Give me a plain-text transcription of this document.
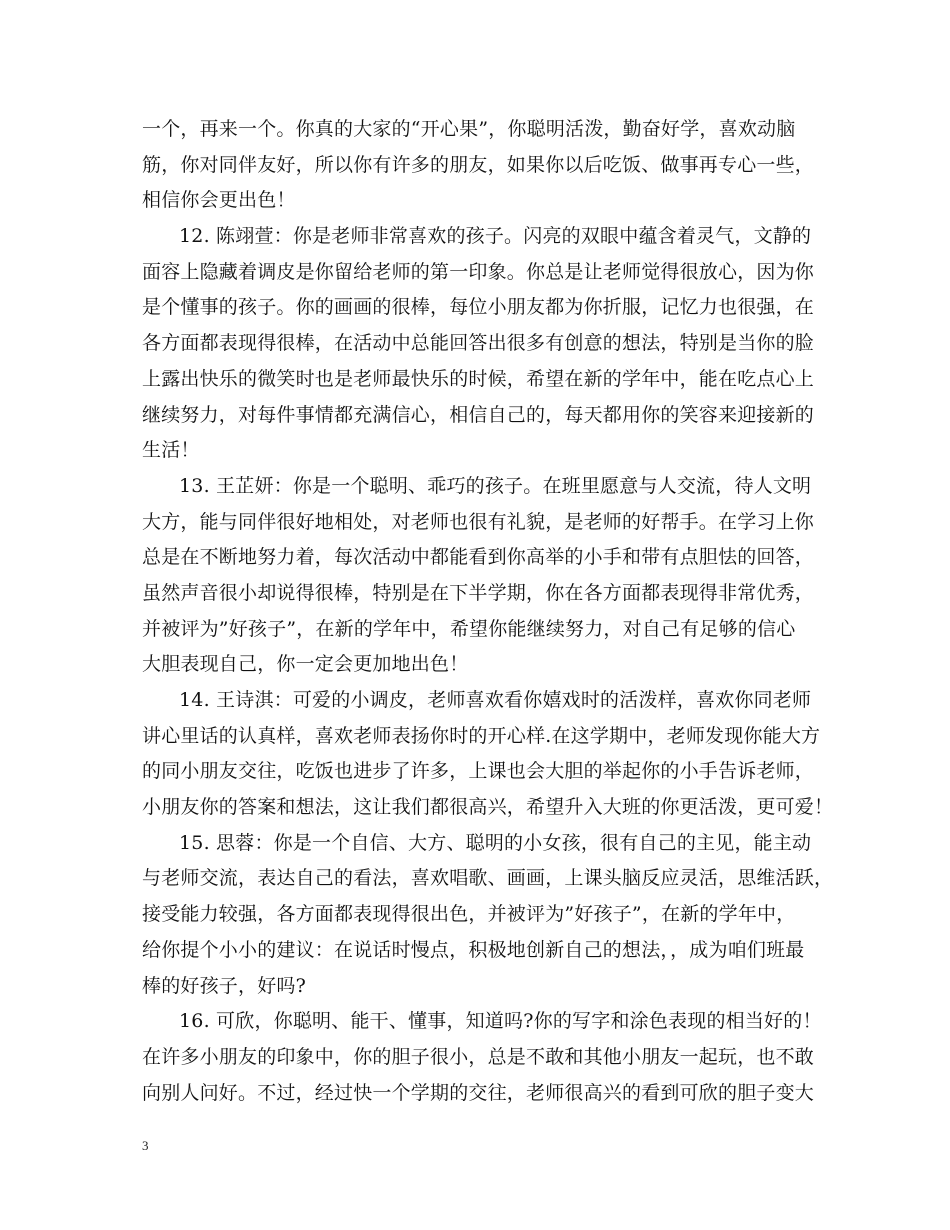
一个，再来一个。你真的大家的“开心果”，你聪明活泼，勤奋好学，喜欢动脑
筋，你对同伴友好，所以你有许多的朋友，如果你以后吃饭、做事再专心一些，
相信你会更出色！
12. 陈翊萱：你是老师非常喜欢的孩子。闪亮的双眼中蕴含着灵气，文静的
面容上隐藏着调皮是你留给老师的第一印象。你总是让老师觉得很放心，因为你
是个懂事的孩子。你的画画的很棒，每位小朋友都为你折服，记忆力也很强，在
各方面都表现得很棒，在活动中总能回答出很多有创意的想法，特别是当你的脸
上露出快乐的微笑时也是老师最快乐的时候，希望在新的学年中，能在吃点心上
继续努力，对每件事情都充满信心，相信自己的，每天都用你的笑容来迎接新的
生活！
13. 王芷妍：你是一个聪明、乖巧的孩子。在班里愿意与人交流，待人文明
大方，能与同伴很好地相处，对老师也很有礼貌，是老师的好帮手。在学习上你
总是在不断地努力着，每次活动中都能看到你高举的小手和带有点胆怯的回答，
虽然声音很小却说得很棒，特别是在下半学期，你在各方面都表现得非常优秀，
并被评为”好孩子”，在新的学年中，希望你能继续努力，对自己有足够的信心
大胆表现自己，你一定会更加地出色！
14. 王诗淇：可爱的小调皮，老师喜欢看你嬉戏时的活泼样，喜欢你同老师
讲心里话的认真样，喜欢老师表扬你时的开心样.在这学期中，老师发现你能大方
的同小朋友交往，吃饭也进步了许多，上课也会大胆的举起你的小手告诉老师，
小朋友你的答案和想法，这让我们都很高兴，希望升入大班的你更活泼，更可爱！
15. 思蓉：你是一个自信、大方、聪明的小女孩，很有自己的主见，能主动
与老师交流，表达自己的看法，喜欢唱歌、画画，上课头脑反应灵活，思维活跃，
接受能力较强，各方面都表现得很出色，并被评为”好孩子”，在新的学年中，
给你提个小小的建议：在说话时慢点，积极地创新自己的想法，，成为咱们班最
棒的好孩子，好吗?
16. 可欣，你聪明、能干、懂事，知道吗?你的写字和涂色表现的相当好的！
在许多小朋友的印象中，你的胆子很小，总是不敢和其他小朋友一起玩，也不敢
向别人问好。不过，经过快一个学期的交往，老师很高兴的看到可欣的胆子变大
3
